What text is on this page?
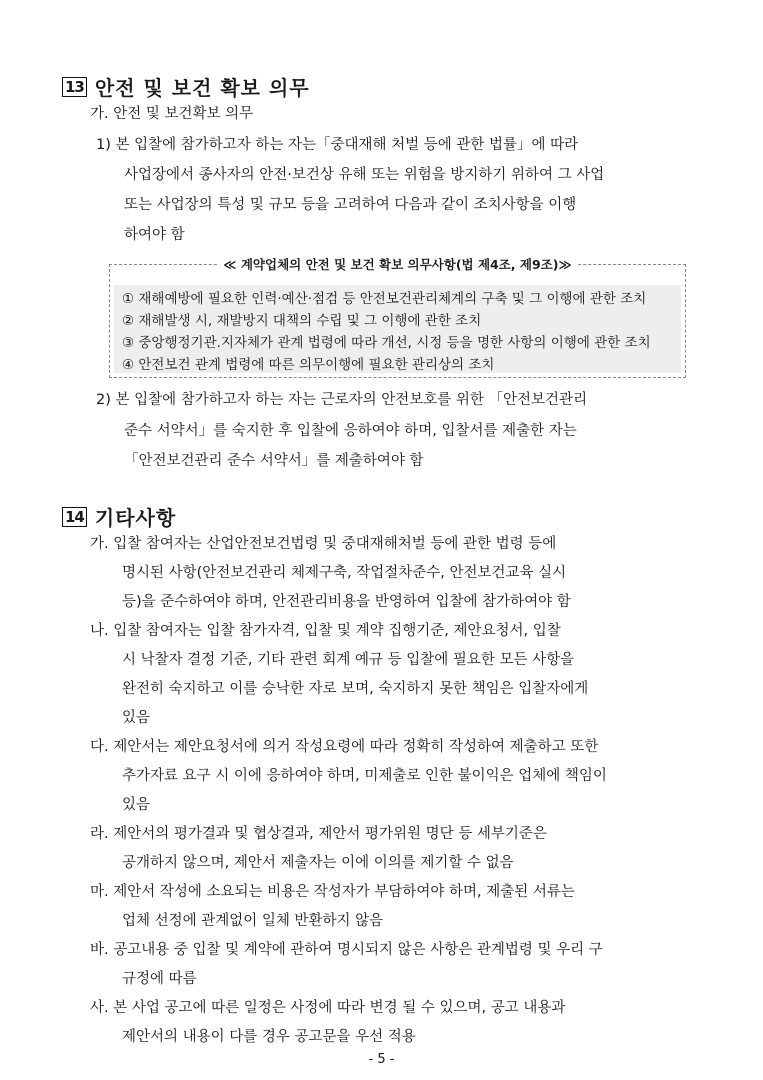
13 안전 및 보건 확보 의무
가. 안전 및 보건확보 의무
1) 본 입찰에 참가하고자 하는 자는「중대재해 처벌 등에 관한 법률」에 따라
사업장에서 종사자의 안전·보건상 유해 또는 위험을 방지하기 위하여 그 사업
또는 사업장의 특성 및 규모 등을 고려하여 다음과 같이 조치사항을 이행
하여야 함
≪ 계약업체의 안전 및 보건 확보 의무사항(법 제4조, 제9조)≫
① 재해예방에 필요한 인력·예산·점검 등 안전보건관리체계의 구축 및 그 이행에 관한 조치
② 재해발생 시, 재발방지 대책의 수립 및 그 이행에 관한 조치
③ 중앙행정기관.지자체가 관계 법령에 따라 개선, 시정 등을 명한 사항의 이행에 관한 조치
④ 안전보건 관계 법령에 따른 의무이행에 필요한 관리상의 조치
2) 본 입찰에 참가하고자 하는 자는 근로자의 안전보호를 위한 「안전보건관리
준수 서약서」를 숙지한 후 입찰에 응하여야 하며, 입찰서를 제출한 자는
「안전보건관리 준수 서약서」를 제출하여야 함
14 기타사항
가. 입찰 참여자는 산업안전보건법령 및 중대재해처벌 등에 관한 법령 등에
명시된 사항(안전보건관리 체제구축, 작업절차준수, 안전보건교육 실시
등)을 준수하여야 하며, 안전관리비용을 반영하여 입찰에 참가하여야 함
나. 입찰 참여자는 입찰 참가자격, 입찰 및 계약 집행기준, 제안요청서, 입찰
시 낙찰자 결정 기준, 기타 관련 회계 예규 등 입찰에 필요한 모든 사항을
완전히 숙지하고 이를 승낙한 자로 보며, 숙지하지 못한 책임은 입찰자에게
있음
다. 제안서는 제안요청서에 의거 작성요령에 따라 정확히 작성하여 제출하고 또한
추가자료 요구 시 이에 응하여야 하며, 미제출로 인한 불이익은 업체에 책임이
있음
라. 제안서의 평가결과 및 협상결과, 제안서 평가위원 명단 등 세부기준은
공개하지 않으며, 제안서 제출자는 이에 이의를 제기할 수 없음
마. 제안서 작성에 소요되는 비용은 작성자가 부담하여야 하며, 제출된 서류는
업체 선정에 관계없이 일체 반환하지 않음
바. 공고내용 중 입찰 및 계약에 관하여 명시되지 않은 사항은 관계법령 및 우리 구
규정에 따름
사. 본 사업 공고에 따른 일정은 사정에 따라 변경 될 수 있으며, 공고 내용과
제안서의 내용이 다를 경우 공고문을 우선 적용
- 5 -
